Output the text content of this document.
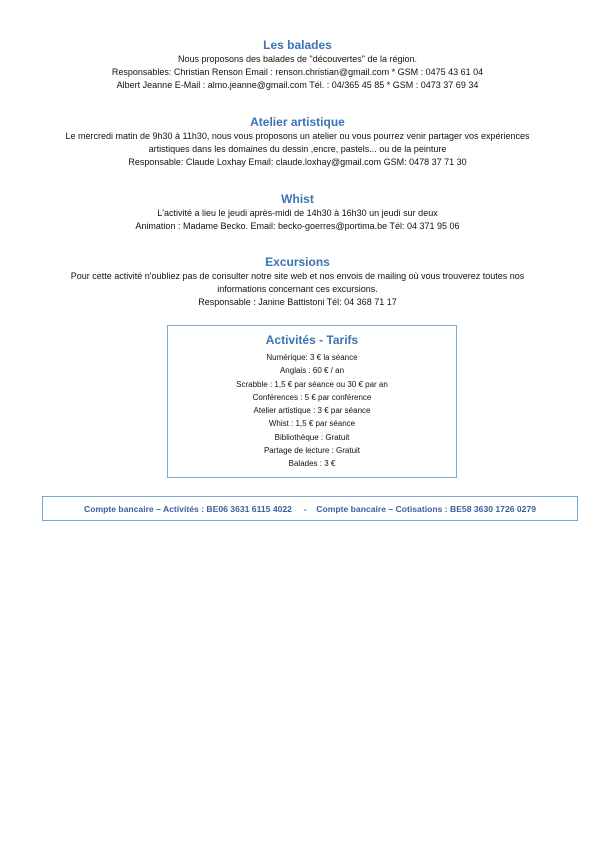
Les balades
Nous proposons des balades de "découvertes" de la région.
Responsables: Christian Renson Email : renson.christian@gmail.com * GSM : 0475 43 61 04
Albert Jeanne E-Mail : almo.jeanne@gmail.com Tél. : 04/365 45 85 * GSM : 0473 37 69 34
Atelier artistique
Le mercredi matin de 9h30 à 11h30, nous vous proposons un atelier ou vous pourrez venir partager vos expériences
artistiques dans les domaines du dessin ,encre, pastels... ou de la peinture
Responsable: Claude Loxhay Email: claude.loxhay@gmail.com GSM: 0478 37 71 30
Whist
L'activité a lieu le jeudi après-midi de 14h30 à 16h30 un jeudi sur deux
Animation : Madame Becko. Email: becko-goerres@portima.be Tél: 04 371 95 06
Excursions
Pour cette activité n'oubliez pas de consulter notre site web et nos envois de mailing où vous trouverez toutes nos
informations concernant ces excursions.
Responsable : Janine Battistoni Tél: 04 368 71 17
Activités - Tarifs
Numérique: 3 € la séance
Anglais : 60 € / an
Scrabble : 1,5 € par séance ou 30 € par an
Conférences : 5 € par conférence
Atelier artistique : 3 € par séance
Whist : 1,5 € par séance
Bibliothèque : Gratuit
Partage de lecture : Gratuit
Balades : 3 €
Compte bancaire – Activités : BE06 3631 6115 4022     -    Compte bancaire – Cotisations : BE58 3630 1726 0279
